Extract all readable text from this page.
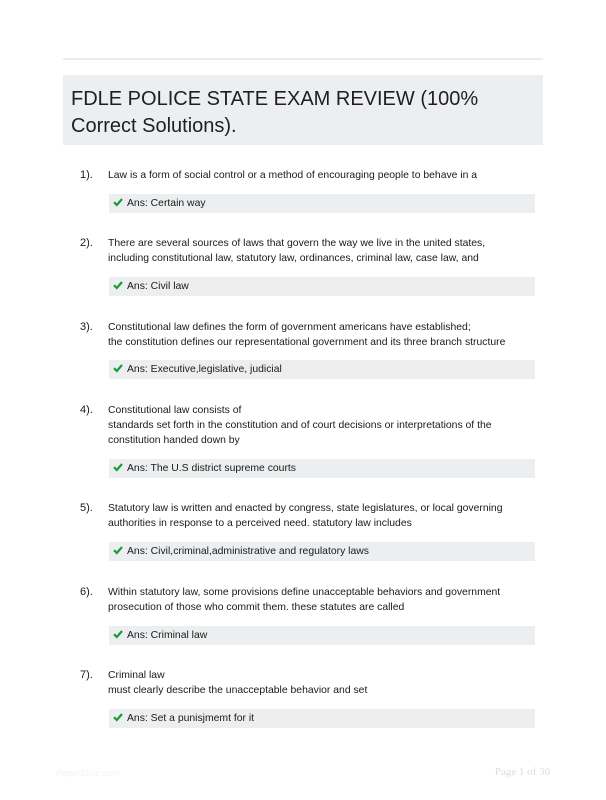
FDLE POLICE STATE EXAM REVIEW (100% Correct Solutions).
1). Law is a form of social control or a method of encouraging people to behave in a
Ans: Certain way
2). There are several sources of laws that govern the way we live in the united states,
including constitutional law, statutory law, ordinances, criminal law, case law, and
Ans: Civil law
3). Constitutional law defines the form of government americans have established;
the constitution defines our representational government and its three branch structure
Ans: Executive,legislative, judicial
4). Constitutional law consists of
standards set forth in the constitution and of court decisions or interpretations of the
constitution handed down by
Ans: The U.S district supreme courts
5). Statutory law is written and enacted by congress, state legislatures, or local governing
authorities in response to a perceived need. statutory law includes
Ans: Civil,criminal,administrative and regulatory laws
6). Within statutory law, some provisions define unacceptable behaviors and government
prosecution of those who commit them. these statutes are called
Ans: Criminal law
7). Criminal law
must clearly describe the unacceptable behavior and set
Ans: Set a punisjmemt for it
PaperStoic.com	Page 1 of 30
